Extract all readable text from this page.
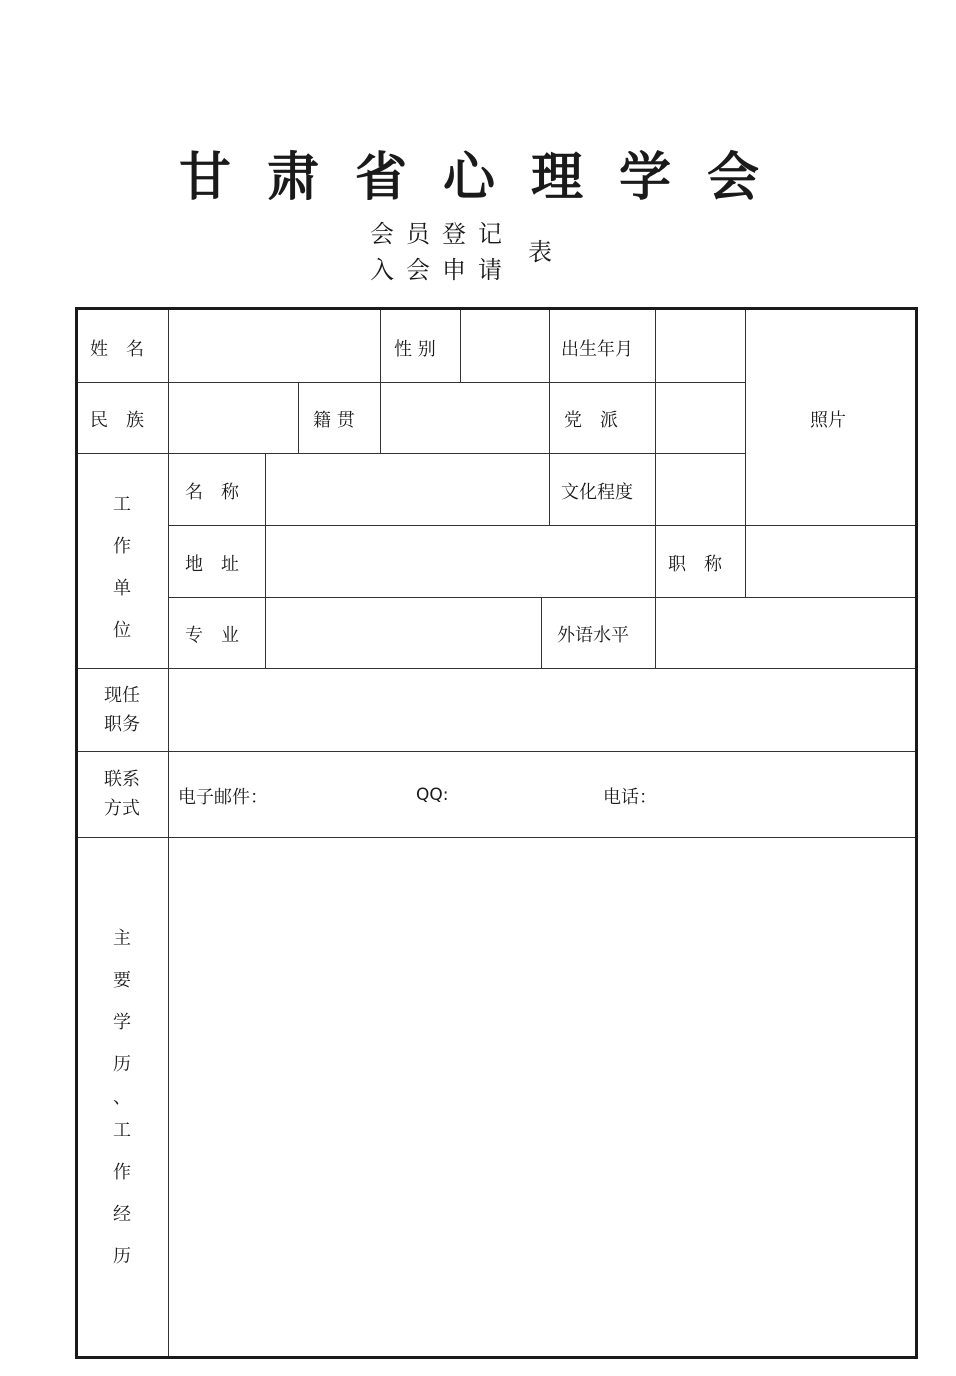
甘肃省心理学会
会员登记
入会申请
表
姓　名	性 别	出生年月
照片
民　族	籍 贯	党　派
工
作
单
位
名　称	文化程度
地　址	职　称
专　业	外语水平
现任
职务
联系
方式
电子邮件：	QQ:	电话：
主
要
学
历
、
工
作
经
历
